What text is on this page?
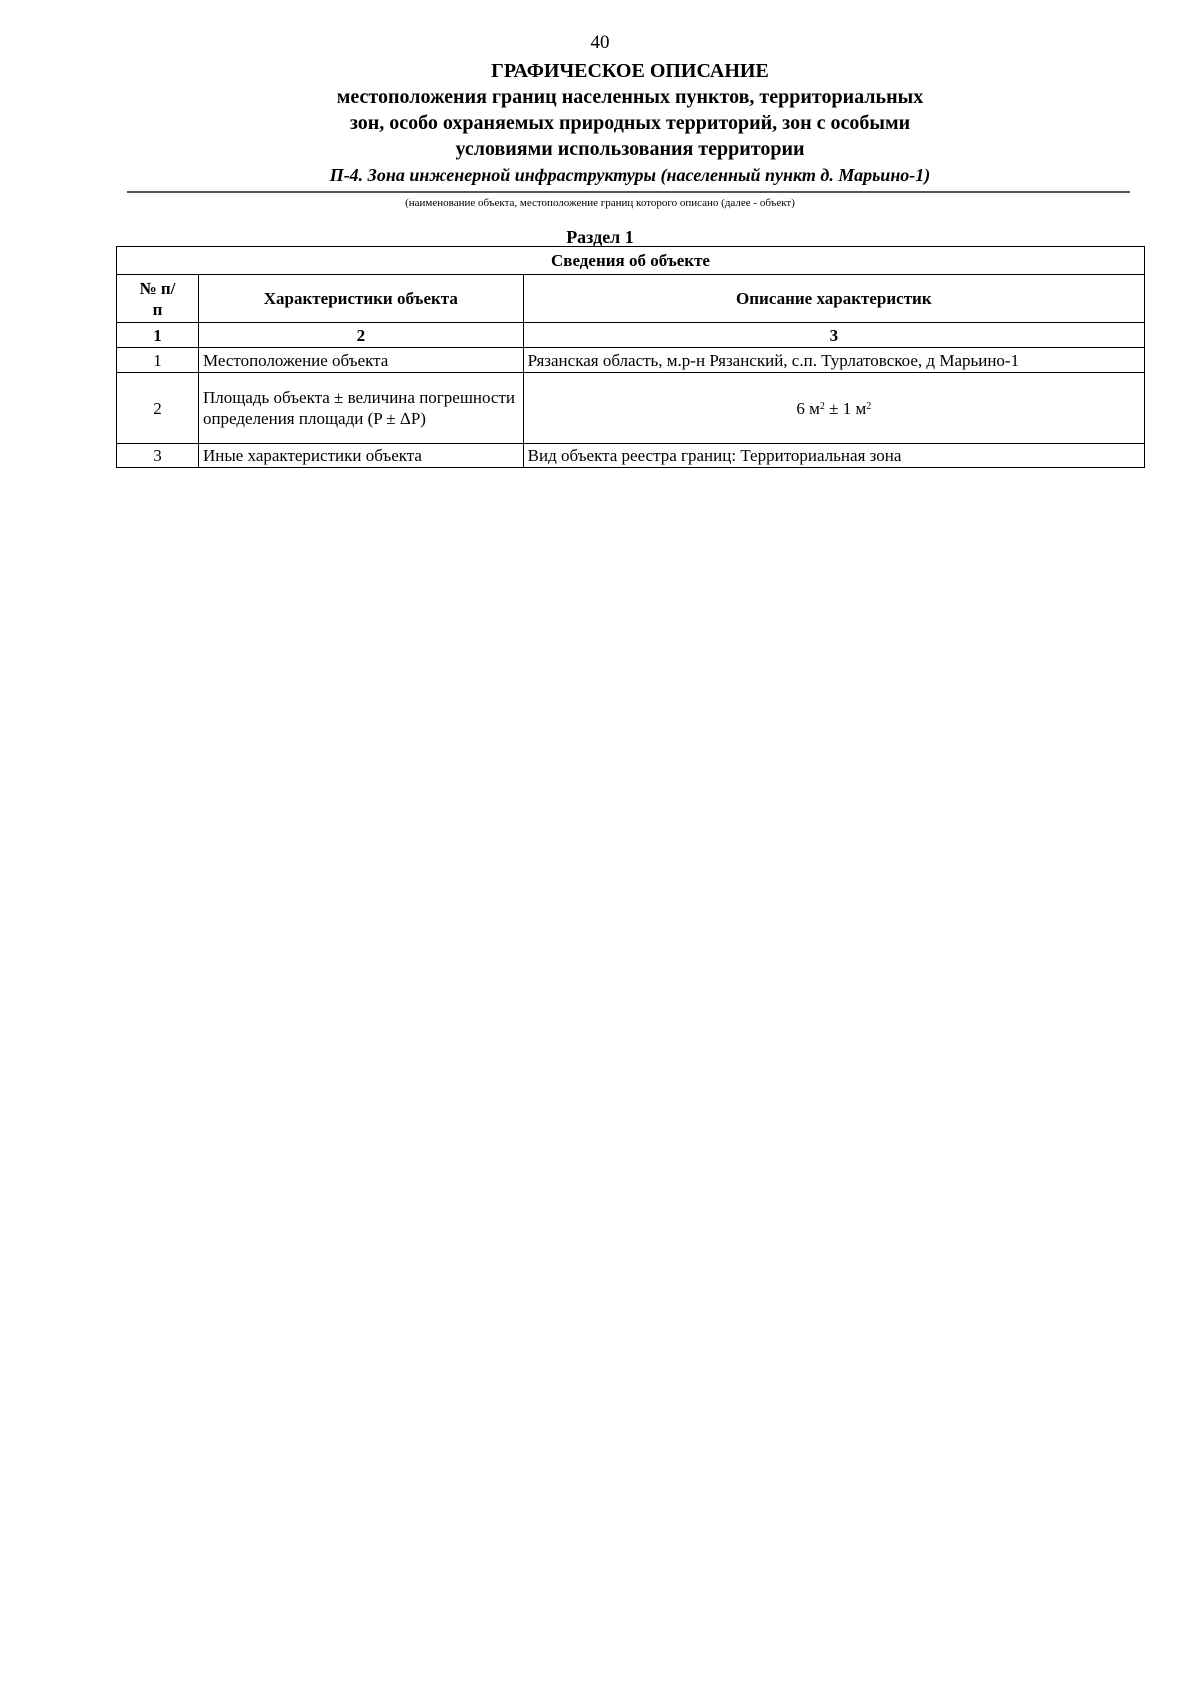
40
ГРАФИЧЕСКОЕ ОПИСАНИЕ
местоположения границ населенных пунктов, территориальных
зон, особо охраняемых природных территорий, зон с особыми
условиями использования территории
П-4. Зона инженерной инфраструктуры (населенный пункт д. Марьино-1)
(наименование объекта, местоположение границ которого описано (далее - объект)
Раздел 1
Сведения об объекте		
№ п/п	Характеристики объекта	Описание характеристик
1	2	3
1	Местоположение объекта	Рязанская область, м.р-н Рязанский, с.п. Турлатовское, д Марьино-1
2	Площадь объекта ± величина погрешности определения площади (P ± ΔP)	6 $м^2 \pm 1$ $м^2$
3	Иные характеристики объекта	Вид объекта реестра границ: Территориальная зона
